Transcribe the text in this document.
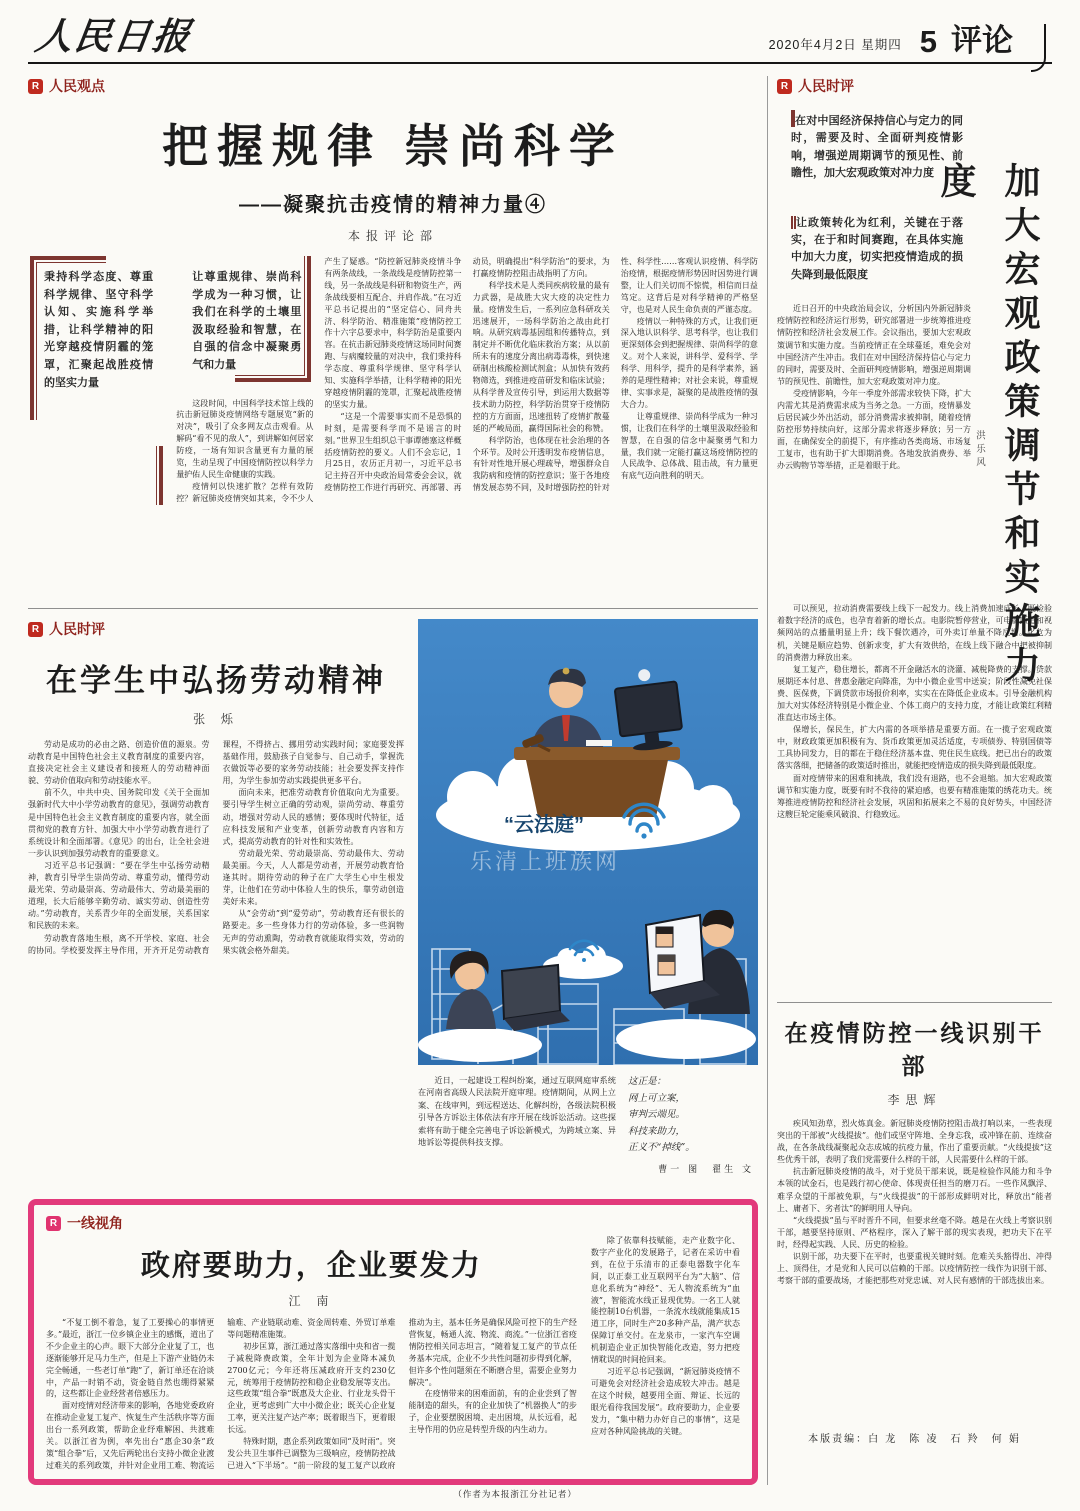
人民日报	2020年4月2日 星期四 5 评论
R 人民观点
把握规律 崇尚科学
——凝聚抗击疫情的精神力量④
本报评论部
秉持科学态度、尊重科学规律、坚守科学认知、实施科学举措，让科学精神的阳光穿越疫情阴霾的笼罩，汇聚起战胜疫情的坚实力量
让尊重规律、崇尚科学成为一种习惯，让我们在科学的土壤里汲取经验和智慧，在自强的信念中凝聚勇气和力量

这段时间，中国科学技术馆上线的抗击新冠肺炎疫情网络专题展览“新的对决”，吸引了众多网友点击观看。从解码“看不见的敌人”，到讲解如何居家防疫，一场有知识含量更有力量的展览，生动呈现了中国疫情防控以科学力量护佑人民生命健康的实践。

疫情何以快速扩散？怎样有效防控？新冠肺炎疫情突如其来，令不少人产生了疑惑。“防控新冠肺炎疫情斗争有两条战线，一条战线是疫情防控第一线，另一条战线是科研和物资生产，两条战线要相互配合、并肩作战。”在习近平总书记提出的“坚定信心、同舟共济、科学防治、精准施策”疫情防控工作十六字总要求中，科学防治是重要内容。在抗击新冠肺炎疫情这场同时间赛跑、与病魔较量的对决中，我们秉持科学态度、尊重科学规律、坚守科学认知、实施科学举措，让科学精神的阳光穿越疫情阴霾的笼罩，汇聚起战胜疫情的坚实力量。

“这是一个需要事实而不是恐惧的时刻，是需要科学而不是谣言的时刻。”世界卫生组织总干事谭德塞这样概括疫情防控的要义。人们不会忘记，1月25日，农历正月初一，习近平总书记主持召开中央政治局常委会会议，就疫情防控工作进行再研究、再部署、再动员，明确提出“科学防治”的要求，为打赢疫情防控阻击战指明了方向。

科学技术是人类同疾病较量的最有力武器，是战胜大灾大疫的决定性力量。疫情发生后，一系列应急科研攻关迅速展开，一场科学防治之战由此打响。从研究病毒基因组和传播特点，到制定并不断优化临床救治方案；从以前所未有的速度分离出病毒毒株，到快速研制出核酸检测试剂盒；从加快有效药物筛选，到推进疫苗研发和临床试验；从科学普及宣传引导，到运用大数据等技术助力防控，科学防治贯穿于疫情防控的方方面面，迅速扭转了疫情扩散蔓延的严峻局面，赢得国际社会的称赞。

科学防治，也体现在社会治理的各个环节。及时公开透明发布疫情信息，有针对性地开展心理疏导，增强群众自我防病和疫情的防控意识；鉴于各地疫情发展态势不同，及时增强防控的针对性、科学性……客观认识疫情、科学防治疫情，根据疫情形势因时因势进行调整，让人们关切而不惊慌，相信而日益笃定。这背后是对科学精神的严格坚守，也是对人民生命负责的严谨态度。

疫情以一种特殊的方式，让我们更深入地认识科学、思考科学，也让我们更深刻体会到把握规律、崇尚科学的意义。对个人来说，讲科学、爱科学、学科学、用科学，提升的是科学素养，涵养的是理性精神；对社会来说，尊重规律、实事求是，凝聚的是战胜疫情的强大合力。

让尊重规律、崇尚科学成为一种习惯，让我们在科学的土壤里汲取经验和智慧，在自强的信念中凝聚勇气和力量，我们就一定能打赢这场疫情防控的人民战争、总体战、阻击战，有力量更有底气迈向胜利的明天。

R 人民时评
在学生中弘扬劳动精神
张 烁

劳动是成功的必由之路、创造价值的源泉。劳动教育是中国特色社会主义教育制度的重要内容，直接决定社会主义建设者和接班人的劳动精神面貌、劳动价值取向和劳动技能水平。

前不久，中共中央、国务院印发《关于全面加强新时代大中小学劳动教育的意见》，强调劳动教育是中国特色社会主义教育制度的重要内容，就全面贯彻党的教育方针、加强大中小学劳动教育进行了系统设计和全面部署。《意见》的出台，让全社会进一步认识到加强劳动教育的重要意义。

习近平总书记强调：“要在学生中弘扬劳动精神，教育引导学生崇尚劳动、尊重劳动，懂得劳动最光荣、劳动最崇高、劳动最伟大、劳动最美丽的道理，长大后能够辛勤劳动、诚实劳动、创造性劳动。”劳动教育，关系青少年的全面发展，关系国家和民族的未来。

劳动教育落地生根，离不开学校、家庭、社会的协同。学校要发挥主导作用，开齐开足劳动教育课程，不得挤占、挪用劳动实践时间；家庭要发挥基础作用，鼓励孩子自觉参与、自己动手，掌握洗衣做饭等必要的家务劳动技能；社会要发挥支持作用，为学生参加劳动实践提供更多平台。

面向未来，把准劳动教育价值取向尤为重要。要引导学生树立正确的劳动观，崇尚劳动、尊重劳动，增强对劳动人民的感情；要体现时代特征，适应科技发展和产业变革，创新劳动教育内容和方式，提高劳动教育的针对性和实效性。

劳动最光荣、劳动最崇高、劳动最伟大、劳动最美丽。今天，人人都是劳动者，开展劳动教育恰逢其时。期待劳动的种子在广大学生心中生根发芽，让他们在劳动中体验人生的快乐，靠劳动创造美好未来。

从“会劳动”到“爱劳动”，劳动教育还有很长的路要走。多一些身体力行的劳动体验，多一些润物无声的劳动熏陶，劳动教育就能取得实效，劳动的果实就会格外甜美。

“云法庭”
乐清上班族网

近日，一起建设工程纠纷案，通过互联网庭审系统在河南省高级人民法院开庭审理。疫情期间，从网上立案、在线审判，到远程送达、化解纠纷，各级法院积极引导各方诉讼主体依法有序开展在线诉讼活动。这些探索将有助于健全完善电子诉讼新模式，为跨域立案、异地诉讼等提供科技支撑。

这正是：
网上可立案，
审判云端见。
科技来助力，
正义不“掉线”。
曹一 图　翟生 文
R 一线视角
政府要助力，企业要发力
江 南

“不复工倒不着急，复了工要操心的事情更多。”最近，浙江一位乡镇企业主的感慨，道出了不少企业主的心声。眼下大部分企业复了工，也逐渐能够开足马力生产，但是上下游产业链仍未完全畅通，一些老订单“跑”了，新订单还在洽谈中，产品一时销不动，资金链自然也绷得紧紧的，这些都让企业经营者倍感压力。

面对疫情对经济带来的影响，各地党委政府在推动企业复工复产、恢复生产生活秩序等方面出台一系列政策，帮助企业纾难解困、共渡难关。以浙江省为例，率先出台“惠企30条”政策“组合拳”后，又先后两轮出台支持小微企业渡过难关的系列政策，并针对企业用工难、物流运输难、产业链联动难、资金周转难、外贸订单难等问题精准施策。

初步匡算，浙江通过落实落细中央和省一揽子减税降费政策，全年计划为企业降本减负2700亿元；今年还将压减政府开支约230亿元，统筹用于疫情防控和稳企业稳发展等支出。这些政策“组合拳”既惠及大企业、行业龙头骨干企业，更考虑到广大中小微企业；既关心企业复工率，更关注复产达产率；既着眼当下，更着眼长远。

特殊时期，惠企系列政策如同“及时雨”。突发公共卫生事件已调整为三级响应，疫情防控战已进入“下半场”。“前一阶段的复工复产以政府推动为主，基本任务是确保风险可控下的生产经营恢复，畅通人流、物流、商流。”一位浙江省疫情防控相关同志坦言，“随着复工复产的节点任务基本完成，企业不少共性问题初步得到化解，但许多个性问题须在不断磨合里，需要企业努力解决”。

在疫情带来的困难面前，有的企业尝到了智能制造的甜头，有的企业加快了“机器换人”的步子，企业要摆脱困境、走出困境，从长远看，起主导作用的仍应是转型升级的内生动力。

（作者为本报浙江分社记者）

除了依靠科技赋能，走产业数字化、数字产业化的发展路子，记者在采访中看到，在位于乐清市的正泰电器数字化车间，以正泰工业互联网平台为“大脑”、信息化系统为“神经”、无人物流系统为“血液”，智能流水线正显现优势。一名工人就能控制10台机器，一条流水线就能集成15道工序，同时生产20多种产品，满产状态保障订单交付。在龙泉市，一家汽车空调机制造企业正加快智能化改造，努力把疫情耽误的时间抢回来。

习近平总书记强调，“新冠肺炎疫情不可避免会对经济社会造成较大冲击。越是在这个时候，越要用全面、辩证、长远的眼光看待我国发展”。政府要助力，企业要发力，“集中精力办好自己的事情”，这是应对各种风险挑战的关键。

R 人民时评
加大宏观政策调节和实施力度
洪乐风
在对中国经济保持信心与定力的同时，需要及时、全面研判疫情影响，增强逆周期调节的预见性、前瞻性，加大宏观政策对冲力度
让政策转化为红利，关键在于落实，在于和时间赛跑，在具体实施中加大力度，切实把疫情造成的损失降到最低限度

近日召开的中央政治局会议，分析国内外新冠肺炎疫情防控和经济运行形势，研究部署进一步统筹推进疫情防控和经济社会发展工作。会议指出，要加大宏观政策调节和实施力度。当前疫情正在全球蔓延，难免会对中国经济产生冲击。我们在对中国经济保持信心与定力的同时，需要及时、全面研判疫情影响，增强逆周期调节的预见性、前瞻性，加大宏观政策对冲力度。

受疫情影响，今年一季度外部需求较快下降，扩大内需尤其是消费需求成为当务之急。一方面，疫情暴发后居民减少外出活动，部分消费需求被抑制，随着疫情防控形势持续向好，这部分需求将逐步释放；另一方面，在确保安全的前提下，有序推动各类商场、市场复工复市，也有助于扩大即期消费。各地发放消费券、举办云购物节等举措，正是着眼于此。

可以预见，拉动消费需要线上线下一起发力。线上消费加速成长，既检验着数字经济的成色，也孕育着新的增长点。电影院暂停营业，可电影频道和视频网站的点播量明显上升；线下餐饮遇冷，可外卖订单量不降反增。化危为机，关键是顺应趋势、创新求变，扩大有效供给，在线上线下融合中把被抑制的消费潜力释放出来。

复工复产，稳住增长，都离不开金融活水的浇灌、减税降费的支撑。贷款展期还本付息、普惠金融定向降准，为中小微企业雪中送炭；阶段性减免社保费、医保费，下调贷款市场报价利率，实实在在降低企业成本。引导金融机构加大对实体经济特别是小微企业、个体工商户的支持力度，才能让政策红利精准直达市场主体。

保增长，保民生，扩大内需的各项举措是重要方面。在一揽子宏观政策中，财政政策更加积极有为、货币政策更加灵活适度，专项债券、特别国债等工具协同发力，目的都在于稳住经济基本盘、兜住民生底线。把已出台的政策落实落细，把储备的政策适时推出，就能把疫情造成的损失降到最低限度。

面对疫情带来的困难和挑战，我们没有退路，也不会退缩。加大宏观政策调节和实施力度，既要有时不我待的紧迫感，也要有精准施策的绣花功夫。统筹推进疫情防控和经济社会发展，巩固和拓展来之不易的良好势头，中国经济这艘巨轮定能乘风破浪、行稳致远。

在疫情防控一线识别干部
李思辉

疾风知劲草，烈火炼真金。新冠肺炎疫情防控阻击战打响以来，一些表现突出的干部被“火线提拔”。他们或坚守阵地、全身忘我，或冲锋在前、连续奋战，在各条战线凝聚起众志成城的抗疫力量，作出了重要贡献。“火线提拔”这些优秀干部，表明了我们党需要什么样的干部，人民需要什么样的干部。

抗击新冠肺炎疫情的战斗，对于党员干部来说，既是检验作风能力和斗争本领的试金石，也是践行初心使命、体现责任担当的磨刀石。一些作风飘浮、难孚众望的干部被免职，与“火线提拔”的干部形成鲜明对比，释放出“能者上、庸者下、劣者汰”的鲜明用人导向。

“火线提拔”虽与平时晋升不同，但要求丝毫不降。越是在火线上考察识别干部，越要坚持原则、严格程序，深入了解干部的现实表现，把功夫下在平时，经得起实践、人民、历史的检验。

识别干部，功夫要下在平时，也要重视关键时刻。危难关头豁得出、冲得上、顶得住，才是党和人民可以信赖的干部。以疫情防控一线作为识别干部、考察干部的重要战场，才能把那些对党忠诚、对人民有感情的干部选拔出来。

本版责编：白 龙　陈 凌　石 羚　何 娟
